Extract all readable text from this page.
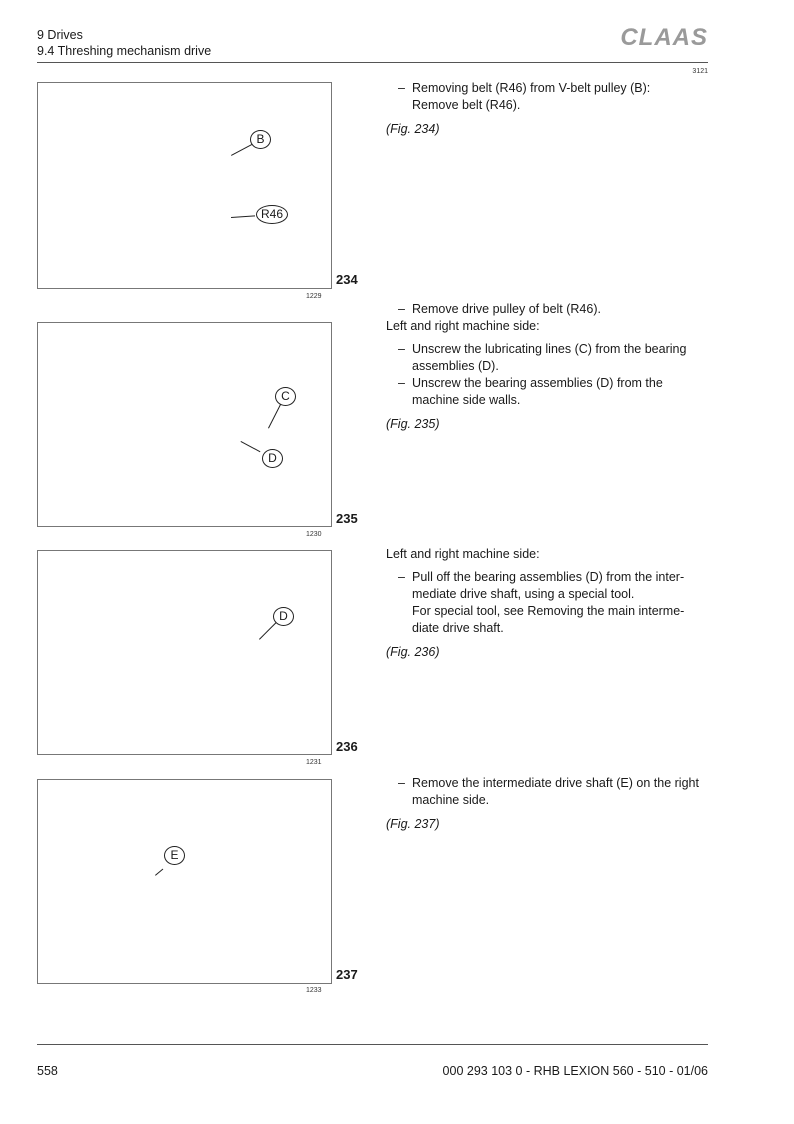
9 Drives
9.4 Threshing mechanism drive	CLAAS
3121
B
R46
234
1229
C
D
235
1230
D
236
1231
E
237
1233
– Removing belt (R46) from V-belt pulley (B):
Remove belt (R46).
(Fig. 234)
– Remove drive pulley of belt (R46).
Left and right machine side:
– Unscrew the lubricating lines (C) from the bearing assemblies (D).
– Unscrew the bearing assemblies (D) from the machine side walls.
(Fig. 235)
Left and right machine side:
– Pull off the bearing assemblies (D) from the inter-mediate drive shaft, using a special tool.
For special tool, see Removing the main interme-diate drive shaft.
(Fig. 236)
– Remove the intermediate drive shaft (E) on the right machine side.
(Fig. 237)
558	000 293 103 0 - RHB LEXION 560 - 510 - 01/06
